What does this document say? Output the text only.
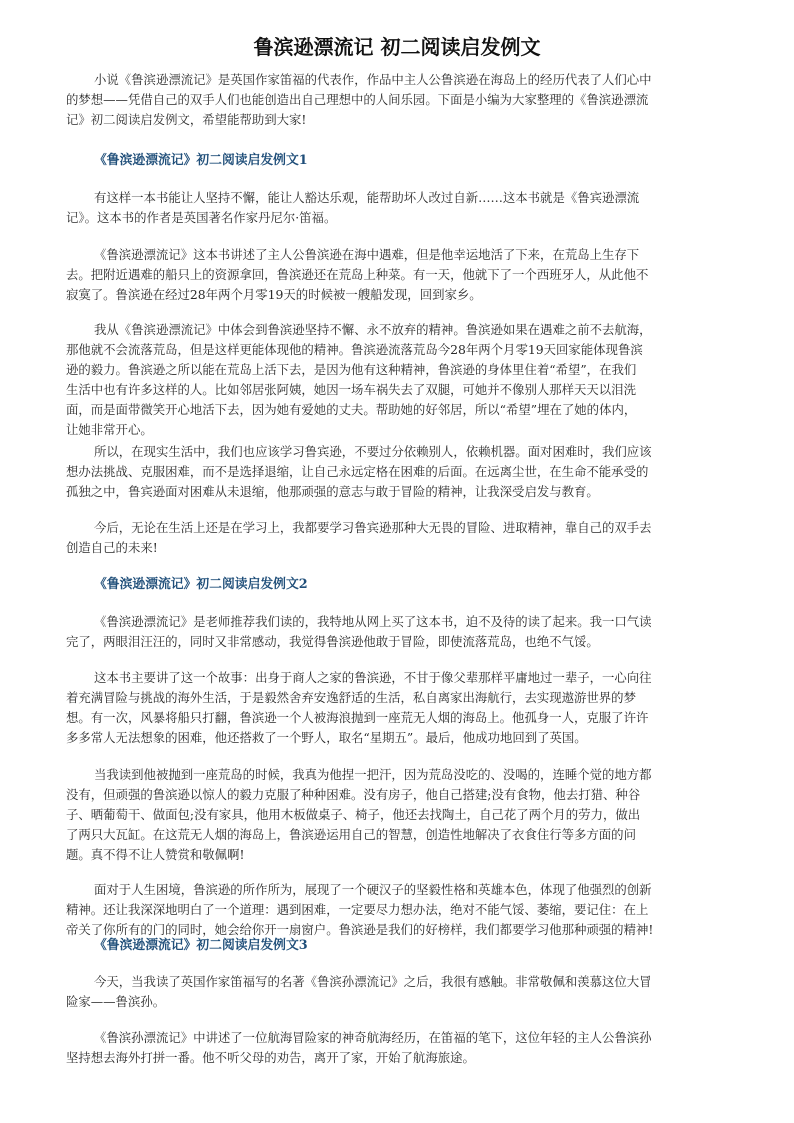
鲁滨逊漂流记 初二阅读启发例文

小说《鲁滨逊漂流记》是英国作家笛福的代表作，作品中主人公鲁滨逊在海岛上的经历代表了人们心中
的梦想——凭借自己的双手人们也能创造出自己理想中的人间乐园。下面是小编为大家整理的《鲁滨逊漂流
记》初二阅读启发例文，希望能帮助到大家!

《鲁滨逊漂流记》初二阅读启发例文1

有这样一本书能让人坚持不懈，能让人豁达乐观，能帮助坏人改过自新……这本书就是《鲁宾逊漂流
记》。这本书的作者是英国著名作家丹尼尔·笛福。

《鲁滨逊漂流记》这本书讲述了主人公鲁滨逊在海中遇难，但是他幸运地活了下来，在荒岛上生存下
去。把附近遇难的船只上的资源拿回，鲁滨逊还在荒岛上种菜。有一天，他就下了一个西班牙人，从此他不
寂寞了。鲁滨逊在经过28年两个月零19天的时候被一艘船发现，回到家乡。

我从《鲁滨逊漂流记》中体会到鲁滨逊坚持不懈、永不放弃的精神。鲁滨逊如果在遇难之前不去航海，
那他就不会流落荒岛，但是这样更能体现他的精神。鲁滨逊流落荒岛今28年两个月零19天回家能体现鲁滨
逊的毅力。鲁滨逊之所以能在荒岛上活下去，是因为他有这种精神，鲁滨逊的身体里住着“希望”，在我们
生活中也有许多这样的人。比如邻居张阿姨，她因一场车祸失去了双腿，可她并不像别人那样天天以泪洗
面，而是面带微笑开心地活下去，因为她有爱她的丈夫。帮助她的好邻居，所以“希望”埋在了她的体内，
让她非常开心。

所以，在现实生活中，我们也应该学习鲁宾逊，不要过分依赖别人，依赖机器。面对困难时，我们应该
想办法挑战、克服困难，而不是选择退缩，让自己永远定格在困难的后面。在远离尘世，在生命不能承受的
孤独之中，鲁宾逊面对困难从未退缩，他那顽强的意志与敢于冒险的精神，让我深受启发与教育。

今后，无论在生活上还是在学习上，我都要学习鲁宾逊那种大无畏的冒险、进取精神，靠自己的双手去
创造自己的未来!

《鲁滨逊漂流记》初二阅读启发例文2

《鲁滨逊漂流记》是老师推荐我们读的，我特地从网上买了这本书，迫不及待的读了起来。我一口气读
完了，两眼泪汪汪的，同时又非常感动，我觉得鲁滨逊他敢于冒险，即使流落荒岛，也绝不气馁。

这本书主要讲了这一个故事：出身于商人之家的鲁滨逊，不甘于像父辈那样平庸地过一辈子，一心向往
着充满冒险与挑战的海外生活，于是毅然舍弃安逸舒适的生活，私自离家出海航行，去实现遨游世界的梦
想。有一次，风暴将船只打翻，鲁滨逊一个人被海浪抛到一座荒无人烟的海岛上。他孤身一人，克服了许许
多多常人无法想象的困难，他还搭救了一个野人，取名“星期五”。最后，他成功地回到了英国。

当我读到他被抛到一座荒岛的时候，我真为他捏一把汗，因为荒岛没吃的、没喝的，连睡个觉的地方都
没有，但顽强的鲁滨逊以惊人的毅力克服了种种困难。没有房子，他自己搭建;没有食物，他去打猎、种谷
子、晒葡萄干、做面包;没有家具，他用木板做桌子、椅子，他还去找陶土，自己花了两个月的劳力，做出
了两只大瓦缸。在这荒无人烟的海岛上，鲁滨逊运用自己的智慧，创造性地解决了衣食住行等多方面的问
题。真不得不让人赞赏和敬佩啊!

面对于人生困境，鲁滨逊的所作所为，展现了一个硬汉子的坚毅性格和英雄本色，体现了他强烈的创新
精神。还让我深深地明白了一个道理：遇到困难，一定要尽力想办法，绝对不能气馁、萎缩，要记住：在上
帝关了你所有的门的同时，她会给你开一扇窗户。鲁滨逊是我们的好榜样，我们都要学习他那种顽强的精神!

《鲁滨逊漂流记》初二阅读启发例文3

今天，当我读了英国作家笛福写的名著《鲁滨孙漂流记》之后，我很有感触。非常敬佩和羡慕这位大冒
险家——鲁滨孙。

《鲁滨孙漂流记》中讲述了一位航海冒险家的神奇航海经历，在笛福的笔下，这位年轻的主人公鲁滨孙
坚持想去海外打拼一番。他不听父母的劝告，离开了家，开始了航海旅途。
